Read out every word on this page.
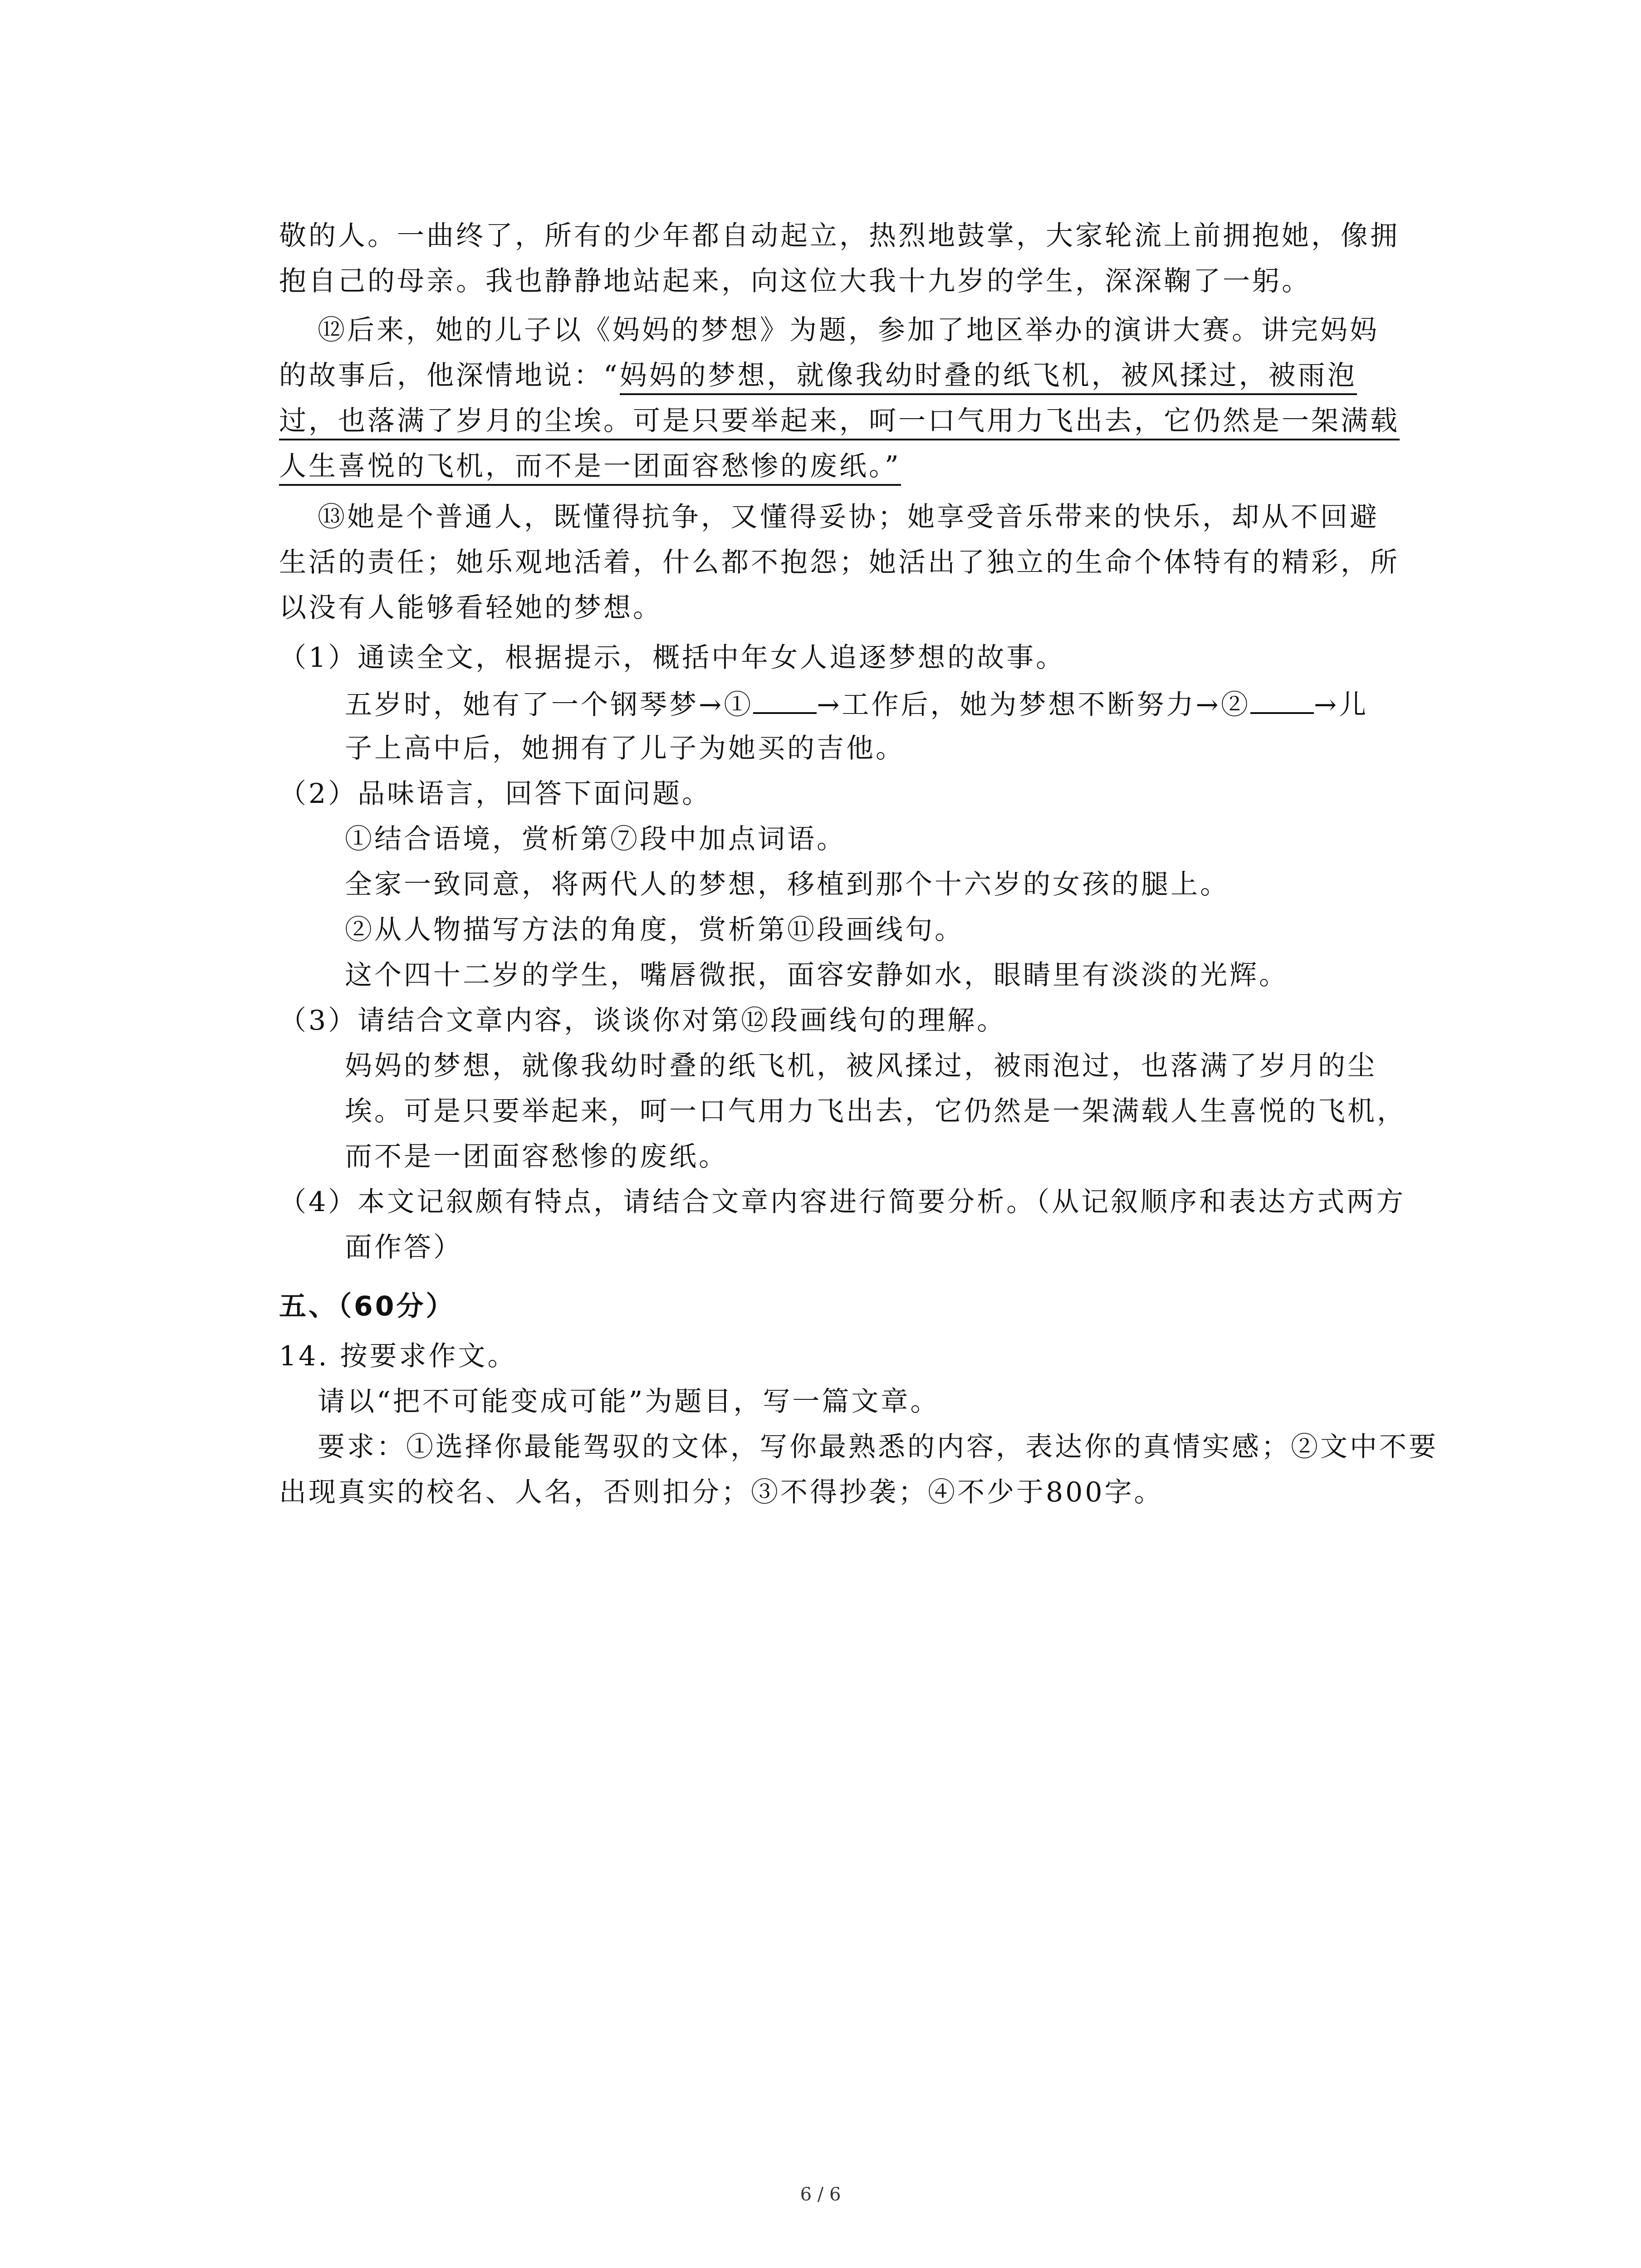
敬的人。一曲终了，所有的少年都自动起立，热烈地鼓掌，大家轮流上前拥抱她，像拥
抱自己的母亲。我也静静地站起来，向这位大我十九岁的学生，深深鞠了一躬。
⑫后来，她的儿子以《妈妈的梦想》为题，参加了地区举办的演讲大赛。讲完妈妈
的故事后，他深情地说：“妈妈的梦想，就像我幼时叠的纸飞机，被风揉过，被雨泡
过，也落满了岁月的尘埃。可是只要举起来，呵一口气用力飞出去，它仍然是一架满载
人生喜悦的飞机，而不是一团面容愁惨的废纸。”
⑬她是个普通人，既懂得抗争，又懂得妥协；她享受音乐带来的快乐，却从不回避
生活的责任；她乐观地活着，什么都不抱怨；她活出了独立的生命个体特有的精彩，所
以没有人能够看轻她的梦想。
（1）通读全文，根据提示，概括中年女人追逐梦想的故事。
五岁时，她有了一个钢琴梦→① →工作后，她为梦想不断努力→② →儿
子上高中后，她拥有了儿子为她买的吉他。
（2）品味语言，回答下面问题。
①结合语境，赏析第⑦段中加点词语。
全家一致同意，将两代人的梦想，移植到那个十六岁的女孩的腿上。
②从人物描写方法的角度，赏析第⑪段画线句。
这个四十二岁的学生，嘴唇微抿，面容安静如水，眼睛里有淡淡的光辉。
（3）请结合文章内容，谈谈你对第⑫段画线句的理解。
妈妈的梦想，就像我幼时叠的纸飞机，被风揉过，被雨泡过，也落满了岁月的尘
埃。可是只要举起来，呵一口气用力飞出去，它仍然是一架满载人生喜悦的飞机，
而不是一团面容愁惨的废纸。
（4）本文记叙颇有特点，请结合文章内容进行简要分析。（从记叙顺序和表达方式两方
面作答）
五、（60分）
14. 按要求作文。
请以“把不可能变成可能”为题目，写一篇文章。
要求：①选择你最能驾驭的文体，写你最熟悉的内容，表达你的真情实感；②文中不要
出现真实的校名、人名，否则扣分；③不得抄袭；④不少于800字。
6 / 6
